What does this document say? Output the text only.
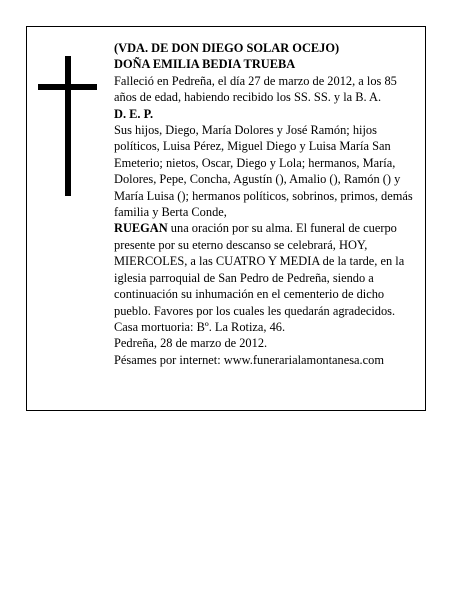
(VDA. DE DON DIEGO SOLAR OCEJO)

DOÑA EMILIA BEDIA TRUEBA

Falleció en Pedreña, el día 27 de marzo de 2012, a los 85 años de edad, habiendo recibido los SS. SS. y la B. A.

D. E. P.

Sus hijos, Diego, María Dolores y José Ramón; hijos políticos, Luisa Pérez, Miguel Diego y Luisa María San Emeterio; nietos, Oscar, Diego y Lola; hermanos, María, Dolores, Pepe, Concha, Agustín (), Amalio (), Ramón () y María Luisa (); hermanos políticos, sobrinos, primos, demás familia y Berta Conde,

RUEGAN una oración por su alma. El funeral de cuerpo presente por su eterno descanso se celebrará, HOY, MIERCOLES, a las CUATRO Y MEDIA de la tarde, en la iglesia parroquial de San Pedro de Pedreña, siendo a continuación su inhumación en el cementerio de dicho pueblo. Favores por los cuales les quedarán agradecidos. Casa mortuoria: Bº. La Rotiza, 46.

Pedreña, 28 de marzo de 2012.

Pésames por internet: www.funerarialamontanesa.com
